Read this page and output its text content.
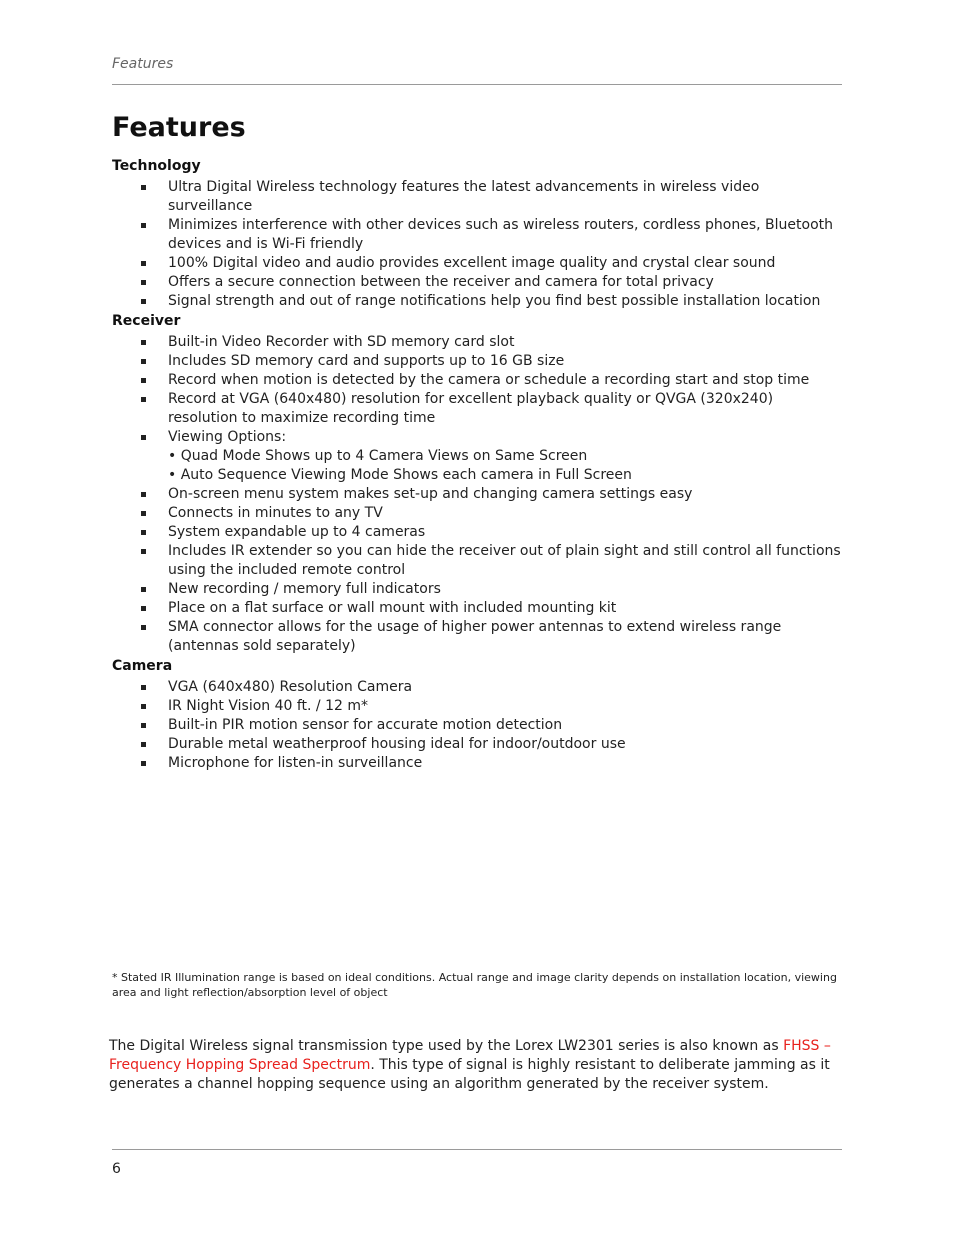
Features
Features
Technology
Ultra Digital Wireless technology features the latest advancements in wireless video surveillance
Minimizes interference with other devices such as wireless routers, cordless phones, Bluetooth devices and is Wi-Fi friendly
100% Digital video and audio provides excellent image quality and crystal clear sound
Offers a secure connection between the receiver and camera for total privacy
Signal strength and out of range notifications help you find best possible installation location
Receiver
Built-in Video Recorder with SD memory card slot
Includes SD memory card and supports up to 16 GB size
Record when motion is detected by the camera or schedule a recording start and stop time
Record at VGA (640x480) resolution for excellent playback quality or QVGA (320x240) resolution to maximize recording time
Viewing Options:
• Quad Mode Shows up to 4 Camera Views on Same Screen
• Auto Sequence Viewing Mode Shows each camera in Full Screen
On-screen menu system makes set-up and changing camera settings easy
Connects in minutes to any TV
System expandable up to 4 cameras
Includes IR extender so you can hide the receiver out of plain sight and still control all functions using the included remote control
New recording / memory full indicators
Place on a flat surface or wall mount with included mounting kit
SMA connector allows for the usage of higher power antennas to extend wireless range (antennas sold separately)
Camera
VGA (640x480) Resolution Camera
IR Night Vision 40 ft. / 12 m*
Built-in PIR motion sensor for accurate motion detection
Durable metal weatherproof housing ideal for indoor/outdoor use
Microphone for listen-in surveillance
* Stated IR Illumination range is based on ideal conditions. Actual range and image clarity depends on installation location, viewing area and light reflection/absorption level of object

The Digital Wireless signal transmission type used by the Lorex LW2301 series is also known as FHSS – Frequency Hopping Spread Spectrum. This type of signal is highly resistant to deliberate jamming as it generates a channel hopping sequence using an algorithm generated by the receiver system.

6
